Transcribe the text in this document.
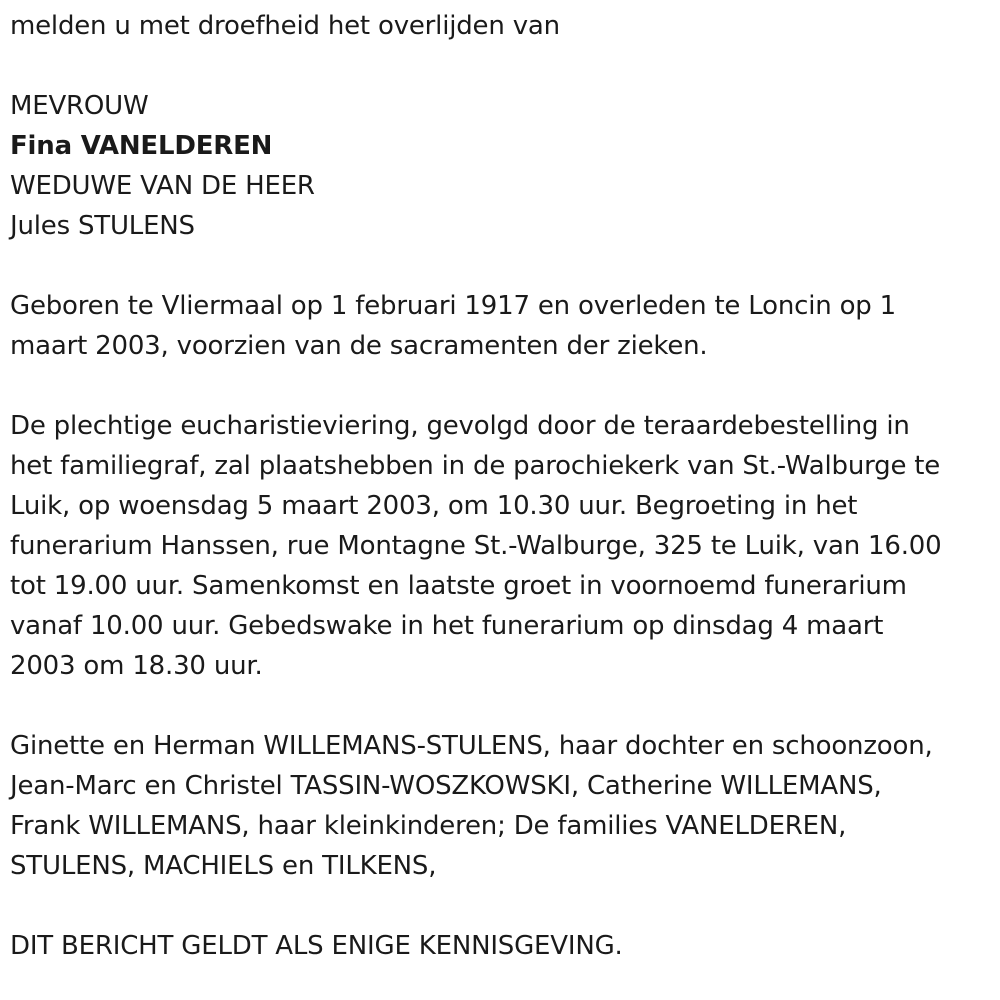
melden u met droefheid het overlijden van
MEVROUW
Fina VANELDEREN
WEDUWE VAN DE HEER
Jules STULENS
Geboren te Vliermaal op 1 februari 1917 en overleden te Loncin op 1
maart 2003, voorzien van de sacramenten der zieken.
De plechtige eucharistieviering, gevolgd door de teraardebestelling in
het familiegraf, zal plaatshebben in de parochiekerk van St.-Walburge te
Luik, op woensdag 5 maart 2003, om 10.30 uur. Begroeting in het
funerarium Hanssen, rue Montagne St.-Walburge, 325 te Luik, van 16.00
tot 19.00 uur. Samenkomst en laatste groet in voornoemd funerarium
vanaf 10.00 uur. Gebedswake in het funerarium op dinsdag 4 maart
2003 om 18.30 uur.
Ginette en Herman WILLEMANS-STULENS, haar dochter en schoonzoon,
Jean-Marc en Christel TASSIN-WOSZKOWSKI, Catherine WILLEMANS,
Frank WILLEMANS, haar kleinkinderen; De families VANELDEREN,
STULENS, MACHIELS en TILKENS,
DIT BERICHT GELDT ALS ENIGE KENNISGEVING.
